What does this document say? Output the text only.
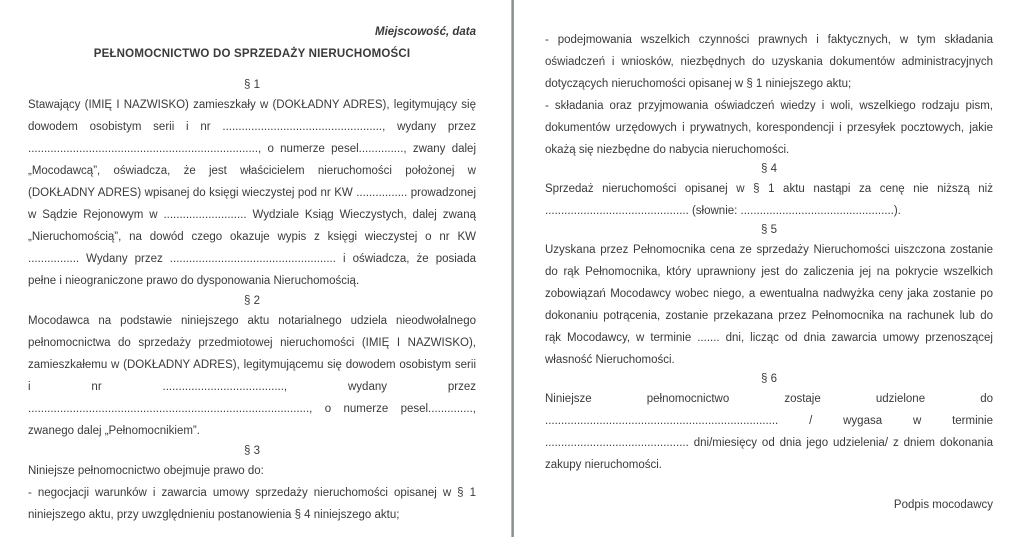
Miejscowość, data
PEŁNOMOCNICTWO DO SPRZEDAŻY NIERUCHOMOŚCI
§ 1

Stawający (IMIĘ I NAZWISKO) zamieszkały w (DOKŁADNY ADRES), legitymujący się dowodem osobistym serii i nr .................................................., wydany przez ........................................................................, o numerze pesel.............., zwany dalej „Mocodawcą”, oświadcza, że jest właścicielem nieruchomości położonej w (DOKŁADNY ADRES) wpisanej do księgi wieczystej pod nr KW ................ prowadzonej w Sądzie Rejonowym w .......................... Wydziale Ksiąg Wieczystych, dalej zwaną „Nieruchomością”, na dowód czego okazuje wypis z księgi wieczystej o nr KW ................ Wydany przez .................................................... i oświadcza, że posiada pełne i nieograniczone prawo do dysponowania Nieruchomością.

§ 2

Mocodawca na podstawie niniejszego aktu notarialnego udziela nieodwołalnego pełnomocnictwa do sprzedaży przedmiotowej nieruchomości (IMIĘ I NAZWISKO), zamieszkałemu w (DOKŁADNY ADRES), legitymującemu się dowodem osobistym serii i nr ......................................, wydany przez ........................................................................................, o numerze pesel.............., zwanego dalej „Pełnomocnikiem”.

§ 3

Niniejsze pełnomocnictwo obejmuje prawo do:

- negocjacji warunków i zawarcia umowy sprzedaży nieruchomości opisanej w § 1 niniejszego aktu, przy uwzględnieniu postanowienia § 4 niniejszego aktu;

- podejmowania wszelkich czynności prawnych i faktycznych, w tym składania oświadczeń i wniosków, niezbędnych do uzyskania dokumentów administracyjnych dotyczących nieruchomości opisanej w § 1 niniejszego aktu;

- składania oraz przyjmowania oświadczeń wiedzy i woli, wszelkiego rodzaju pism, dokumentów urzędowych i prywatnych, korespondencji i przesyłek pocztowych, jakie okażą się niezbędne do nabycia nieruchomości.

§ 4

Sprzedaż nieruchomości opisanej w § 1 aktu nastąpi za cenę nie niższą niż ............................................. (słownie: ................................................).

§ 5

Uzyskana przez Pełnomocnika cena ze sprzedaży Nieruchomości uiszczona zostanie do rąk Pełnomocnika, który uprawniony jest do zaliczenia jej na pokrycie wszelkich zobowiązań Mocodawcy wobec niego, a ewentualna nadwyżka ceny jaka zostanie po dokonaniu potrącenia, zostanie przekazana przez Pełnomocnika na rachunek lub do rąk Mocodawcy, w terminie ....... dni, licząc od dnia zawarcia umowy przenoszącej własność Nieruchomości.

§ 6

Niniejsze pełnomocnictwo zostaje udzielone do ......................................................................... / wygasa w terminie ............................................. dni/miesięcy od dnia jego udzielenia/ z dniem dokonania zakupy nieruchomości.

Podpis mocodawcy
